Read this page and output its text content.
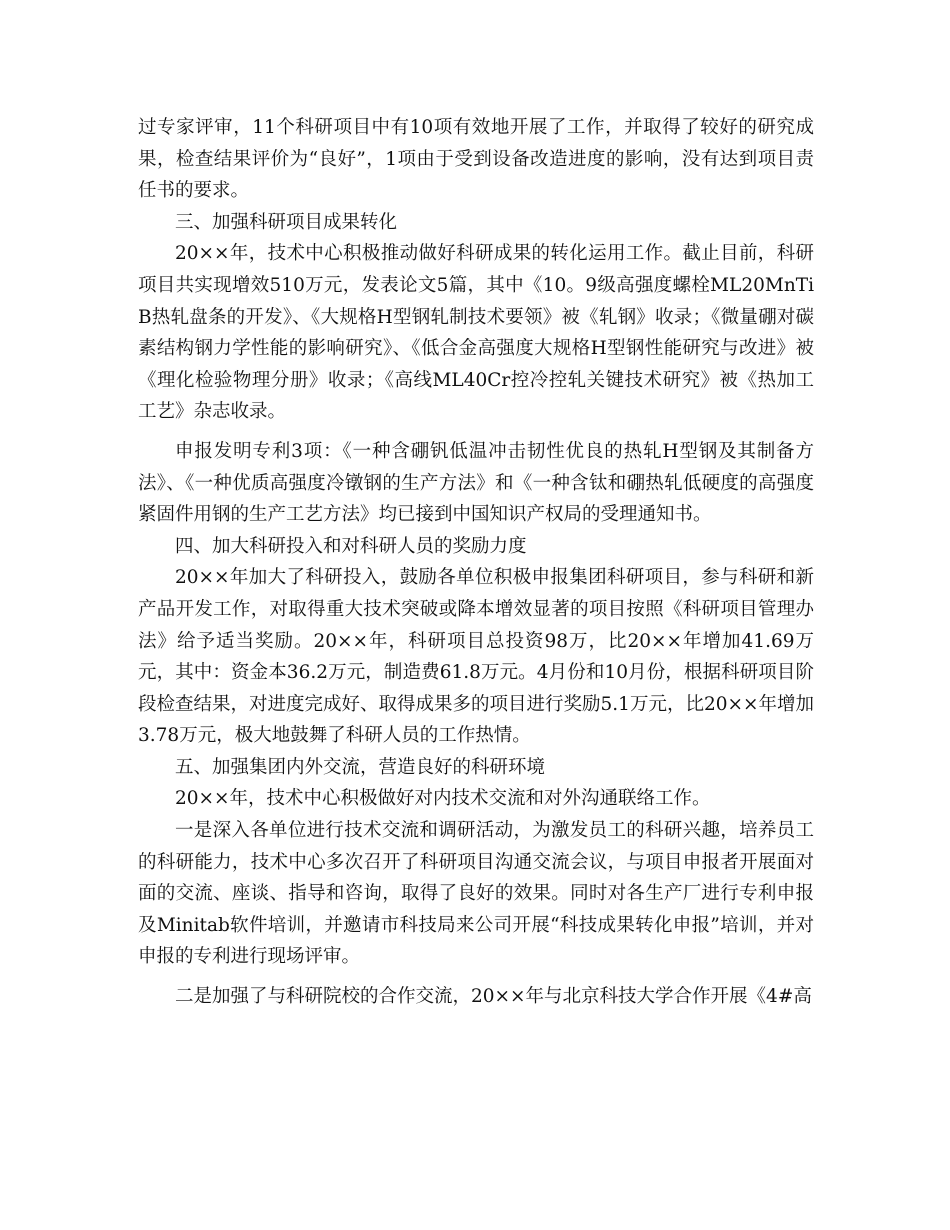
过专家评审，11个科研项目中有10项有效地开展了工作，并取得了较好的研究成果，检查结果评价为“良好”，1项由于受到设备改造进度的影响，没有达到项目责任书的要求。

三、加强科研项目成果转化

20××年，技术中心积极推动做好科研成果的转化运用工作。截止目前，科研项目共实现增效510万元，发表论文5篇，其中《10。9级高强度螺栓ML20MnTiB热轧盘条的开发》、《大规格H型钢轧制技术要领》被《轧钢》收录；《微量硼对碳素结构钢力学性能的影响研究》、《低合金高强度大规格H型钢性能研究与改进》被《理化检验物理分册》收录；《高线ML40Cr控冷控轧关键技术研究》被《热加工工艺》杂志收录。

申报发明专利3项：《一种含硼钒低温冲击韧性优良的热轧H型钢及其制备方法》、《一种优质高强度冷镦钢的生产方法》和《一种含钛和硼热轧低硬度的高强度紧固件用钢的生产工艺方法》均已接到中国知识产权局的受理通知书。

四、加大科研投入和对科研人员的奖励力度

20××年加大了科研投入，鼓励各单位积极申报集团科研项目，参与科研和新产品开发工作，对取得重大技术突破或降本增效显著的项目按照《科研项目管理办法》给予适当奖励。20××年，科研项目总投资98万，比20××年增加41.69万元，其中：资金本36.2万元，制造费61.8万元。4月份和10月份，根据科研项目阶段检查结果，对进度完成好、取得成果多的项目进行奖励5.1万元，比20××年增加3.78万元，极大地鼓舞了科研人员的工作热情。

五、加强集团内外交流，营造良好的科研环境

20××年，技术中心积极做好对内技术交流和对外沟通联络工作。

一是深入各单位进行技术交流和调研活动，为激发员工的科研兴趣，培养员工的科研能力，技术中心多次召开了科研项目沟通交流会议，与项目申报者开展面对面的交流、座谈、指导和咨询，取得了良好的效果。同时对各生产厂进行专利申报及Minitab软件培训，并邀请市科技局来公司开展“科技成果转化申报”培训，并对申报的专利进行现场评审。

二是加强了与科研院校的合作交流，20××年与北京科技大学合作开展《4#高
